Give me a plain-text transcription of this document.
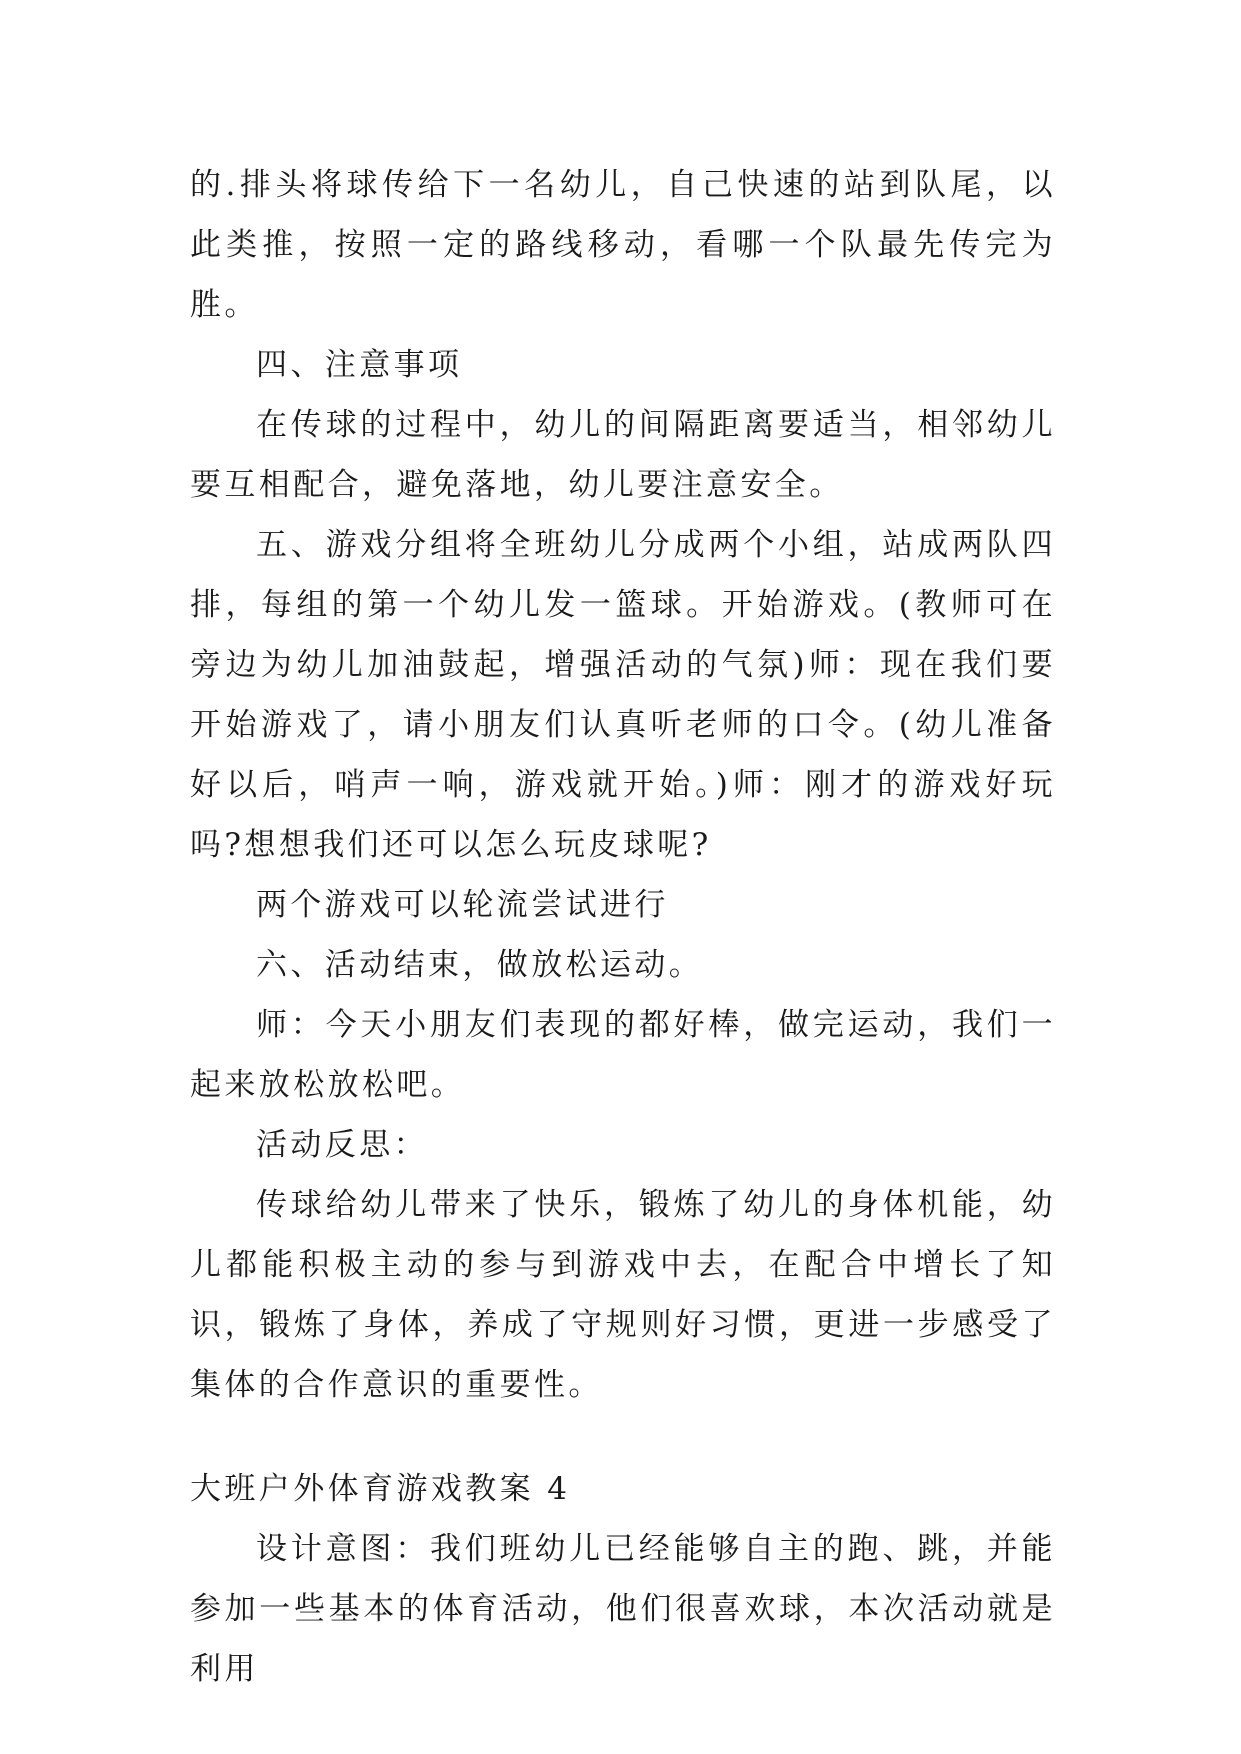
的.排头将球传给下一名幼儿，自己快速的站到队尾，以此类推，按照一定的路线移动，看哪一个队最先传完为胜。

四、注意事项

在传球的过程中，幼儿的间隔距离要适当，相邻幼儿要互相配合，避免落地，幼儿要注意安全。

五、游戏分组将全班幼儿分成两个小组，站成两队四排，每组的第一个幼儿发一篮球。开始游戏。(教师可在旁边为幼儿加油鼓起，增强活动的气氛)师：现在我们要开始游戏了，请小朋友们认真听老师的口令。(幼儿准备好以后，哨声一响，游戏就开始。)师：刚才的游戏好玩吗?想想我们还可以怎么玩皮球呢?

两个游戏可以轮流尝试进行

六、活动结束，做放松运动。

师：今天小朋友们表现的都好棒，做完运动，我们一起来放松放松吧。

活动反思：

传球给幼儿带来了快乐，锻炼了幼儿的身体机能，幼儿都能积极主动的参与到游戏中去，在配合中增长了知识，锻炼了身体，养成了守规则好习惯，更进一步感受了集体的合作意识的重要性。

大班户外体育游戏教案 4

设计意图：我们班幼儿已经能够自主的跑、跳，并能参加一些基本的体育活动，他们很喜欢球，本次活动就是利用
